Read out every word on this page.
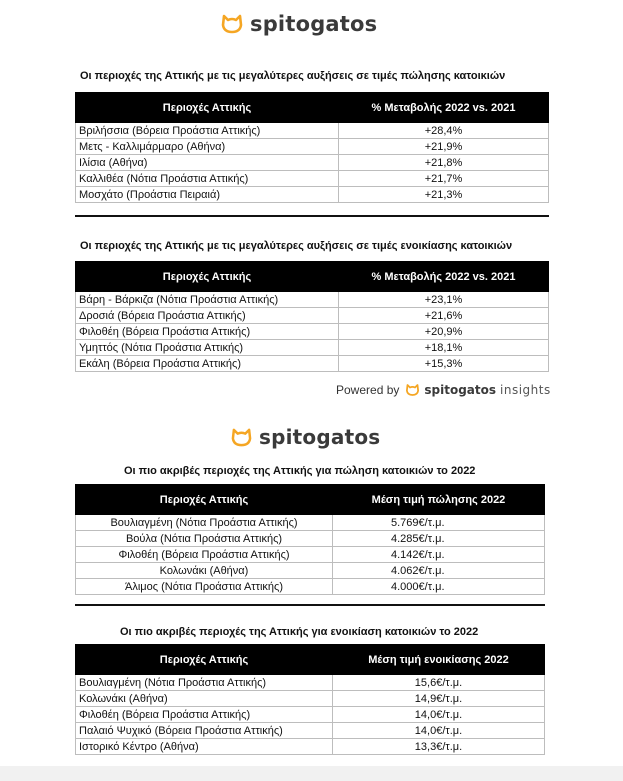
spitogatos
Οι περιοχές της Αττικής με τις μεγαλύτερες αυξήσεις σε τιμές πώλησης κατοικιών
Περιοχές Αττικής	% Μεταβολής 2022 vs. 2021
Βριλήσσια (Βόρεια Προάστια Αττικής)	+28,4%
Μετς - Καλλιμάρμαρο (Αθήνα)	+21,9%
Ιλίσια (Αθήνα)	+21,8%
Καλλιθέα (Νότια Προάστια Αττικής)	+21,7%
Μοσχάτο (Προάστια Πειραιά)	+21,3%
Οι περιοχές της Αττικής με τις μεγαλύτερες αυξήσεις σε τιμές ενοικίασης κατοικιών
Περιοχές Αττικής	% Μεταβολής 2022 vs. 2021
Βάρη - Βάρκιζα (Νότια Προάστια Αττικής)	+23,1%
Δροσιά (Βόρεια Προάστια Αττικής)	+21,6%
Φιλοθέη (Βόρεια Προάστια Αττικής)	+20,9%
Υμηττός (Νότια Προάστια Αττικής)	+18,1%
Εκάλη (Βόρεια Προάστια Αττικής)	+15,3%
Powered by spitogatos insights
spitogatos
Οι πιο ακριβές περιοχές της Αττικής για πώληση κατοικιών το 2022
Περιοχές Αττικής	Μέση τιμή πώλησης 2022
Βουλιαγμένη (Νότια Προάστια Αττικής)	5.769€/τ.μ.
Βούλα (Νότια Προάστια Αττικής)	4.285€/τ.μ.
Φιλοθέη (Βόρεια Προάστια Αττικής)	4.142€/τ.μ.
Κολωνάκι (Αθήνα)	4.062€/τ.μ.
Άλιμος (Νότια Προάστια Αττικής)	4.000€/τ.μ.
Οι πιο ακριβές περιοχές της Αττικής για ενοικίαση κατοικιών το 2022
Περιοχές Αττικής	Μέση τιμή ενοικίασης 2022
Βουλιαγμένη (Νότια Προάστια Αττικής)	15,6€/τ.μ.
Κολωνάκι (Αθήνα)	14,9€/τ.μ.
Φιλοθέη (Βόρεια Προάστια Αττικής)	14,0€/τ.μ.
Παλαιό Ψυχικό (Βόρεια Προάστια Αττικής)	14,0€/τ.μ.
Ιστορικό Κέντρο (Αθήνα)	13,3€/τ.μ.
